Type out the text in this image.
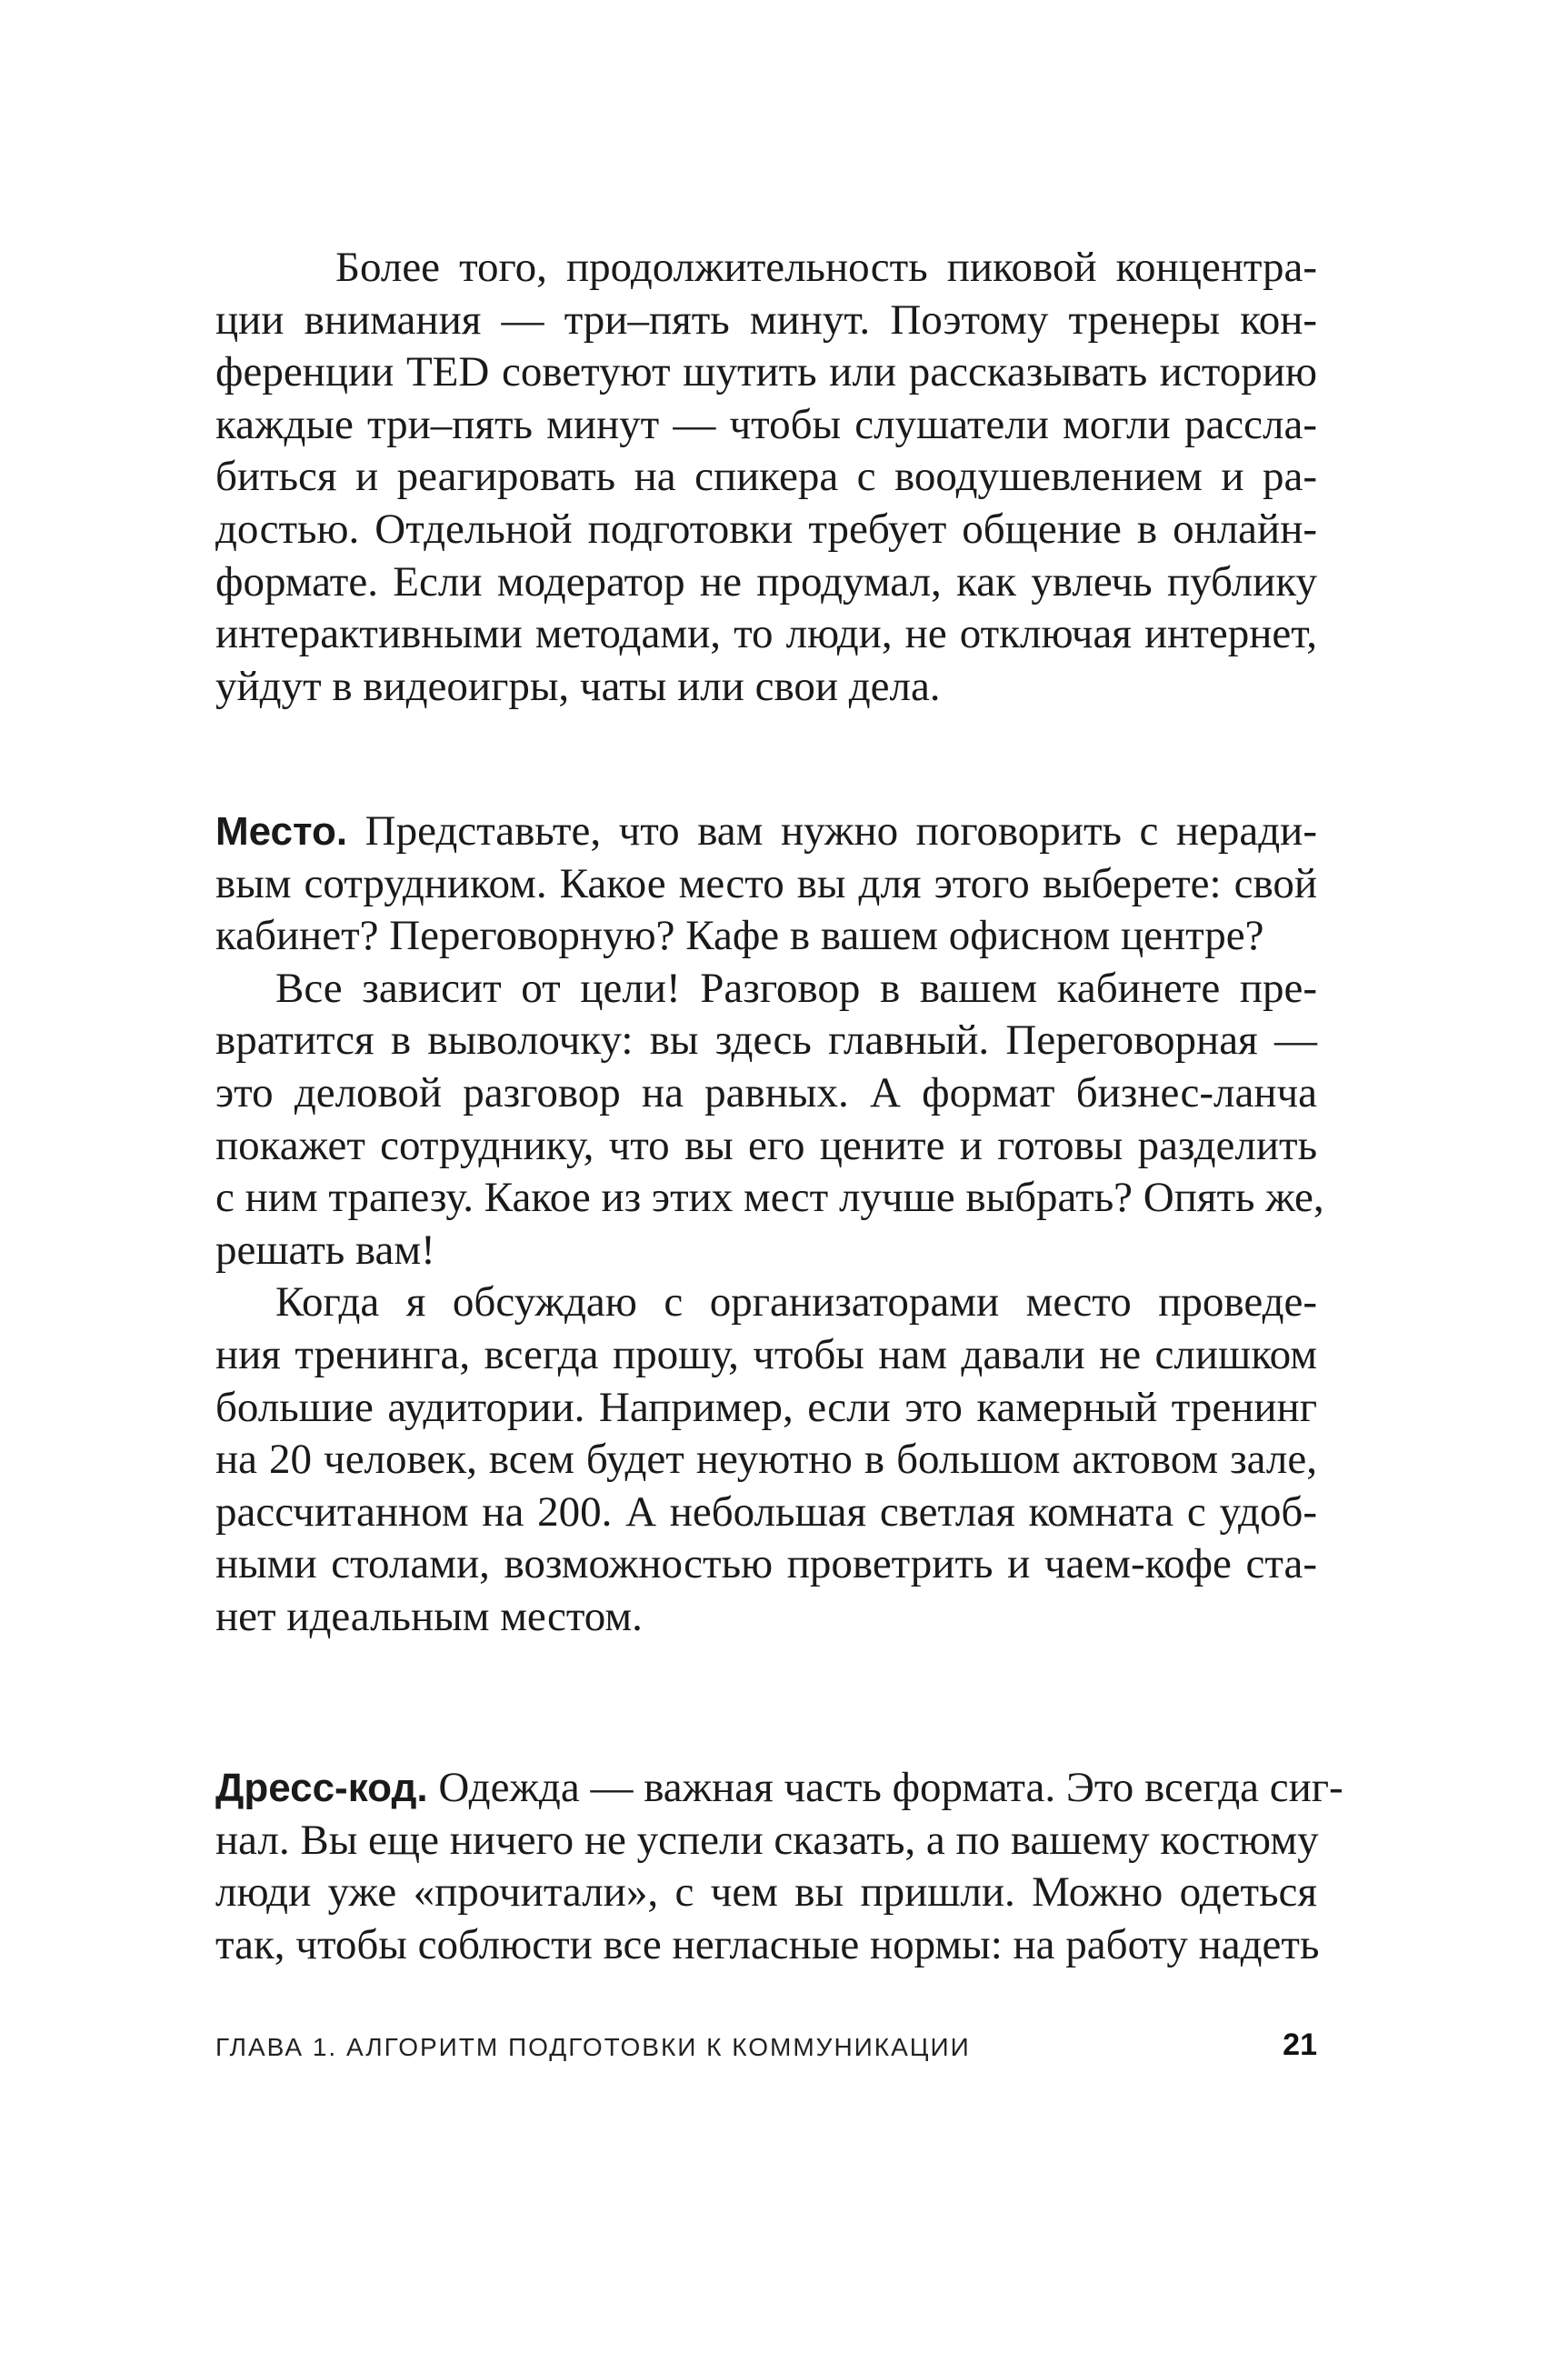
Более того, продолжительность пиковой концентра-
ции внимания — три–пять минут. Поэтому тренеры кон-
ференции TED советуют шутить или рассказывать историю
каждые три–пять минут — чтобы слушатели могли рассла-
биться и реагировать на спикера с воодушевлением и ра-
достью. Отдельной подготовки требует общение в онлайн-
формате. Если модератор не продумал, как увлечь публику
интерактивными методами, то люди, не отключая интернет,
уйдут в видеоигры, чаты или свои дела.
Место. Представьте, что вам нужно поговорить с неради-
вым сотрудником. Какое место вы для этого выберете: свой
кабинет? Переговорную? Кафе в вашем офисном центре?
Все зависит от цели! Разговор в вашем кабинете пре-
вратится в выволочку: вы здесь главный. Переговорная —
это деловой разговор на равных. А формат бизнес-ланча
покажет сотруднику, что вы его цените и готовы разделить
с ним трапезу. Какое из этих мест лучше выбрать? Опять же,
решать вам!
Когда я обсуждаю с организаторами место проведе-
ния тренинга, всегда прошу, чтобы нам давали не слишком
большие аудитории. Например, если это камерный тренинг
на 20 человек, всем будет неуютно в большом актовом зале,
рассчитанном на 200. А небольшая светлая комната с удоб-
ными столами, возможностью проветрить и чаем-кофе ста-
нет идеальным местом.
Дресс-код. Одежда — важная часть формата. Это всегда сиг-
нал. Вы еще ничего не успели сказать, а по вашему костюму
люди уже «прочитали», с чем вы пришли. Можно одеться
так, чтобы соблюсти все негласные нормы: на работу надеть
ГЛАВА 1. АЛГОРИТМ ПОДГОТОВКИ К КОММУНИКАЦИИ	21
